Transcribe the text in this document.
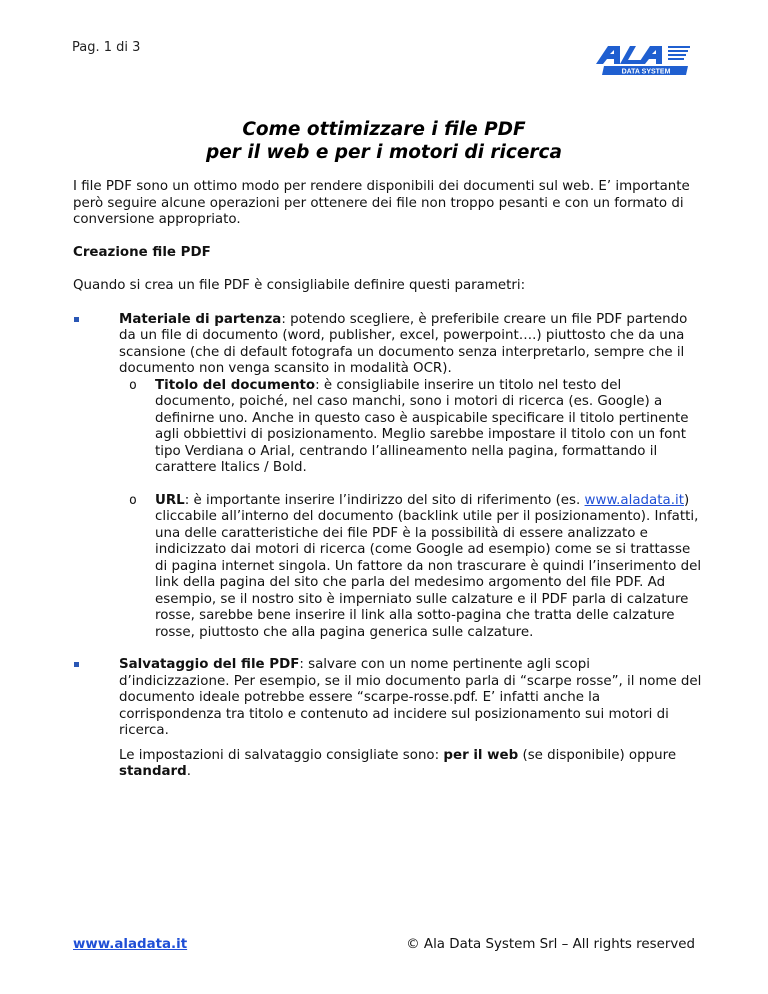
Pag. 1 di 3
DATA SYSTEM
Come ottimizzare i file PDF
per il web e per i motori di ricerca

I file PDF sono un ottimo modo per rendere disponibili dei documenti sul web. E’ importante però seguire alcune operazioni per ottenere dei file non troppo pesanti e con un formato di conversione appropriato.

Creazione file PDF

Quando si crea un file PDF è consigliabile definire questi parametri:

Materiale di partenza: potendo scegliere, è preferibile creare un file PDF partendo da un file di documento (word, publisher, excel, powerpoint….) piuttosto che da una scansione (che di default fotografa un documento senza interpretarlo, sempre che il documento non venga scansito in modalità OCR).

o Titolo del documento: è consigliabile inserire un titolo nel testo del documento, poiché, nel caso manchi, sono i motori di ricerca (es. Google) a definirne uno. Anche in questo caso è auspicabile specificare il titolo pertinente agli obbiettivi di posizionamento. Meglio sarebbe impostare il titolo con un font tipo Verdiana o Arial, centrando l’allineamento nella pagina, formattando il carattere Italics / Bold.

o URL: è importante inserire l’indirizzo del sito di riferimento (es. www.aladata.it) cliccabile all’interno del documento (backlink utile per il posizionamento). Infatti, una delle caratteristiche dei file PDF è la possibilità di essere analizzato e indicizzato dai motori di ricerca (come Google ad esempio) come se si trattasse di pagina internet singola. Un fattore da non trascurare è quindi l’inserimento del link della pagina del sito che parla del medesimo argomento del file PDF. Ad esempio, se il nostro sito è imperniato sulle calzature e il PDF parla di calzature rosse, sarebbe bene inserire il link alla sotto-pagina che tratta delle calzature rosse, piuttosto che alla pagina generica sulle calzature.

Salvataggio del file PDF: salvare con un nome pertinente agli scopi d’indicizzazione. Per esempio, se il mio documento parla di “scarpe rosse”, il nome del documento ideale potrebbe essere “scarpe-rosse.pdf. E’ infatti anche la corrispondenza tra titolo e contenuto ad incidere sul posizionamento sui motori di ricerca.

Le impostazioni di salvataggio consigliate sono: per il web (se disponibile) oppure standard.

www.aladata.it	© Ala Data System Srl – All rights reserved
